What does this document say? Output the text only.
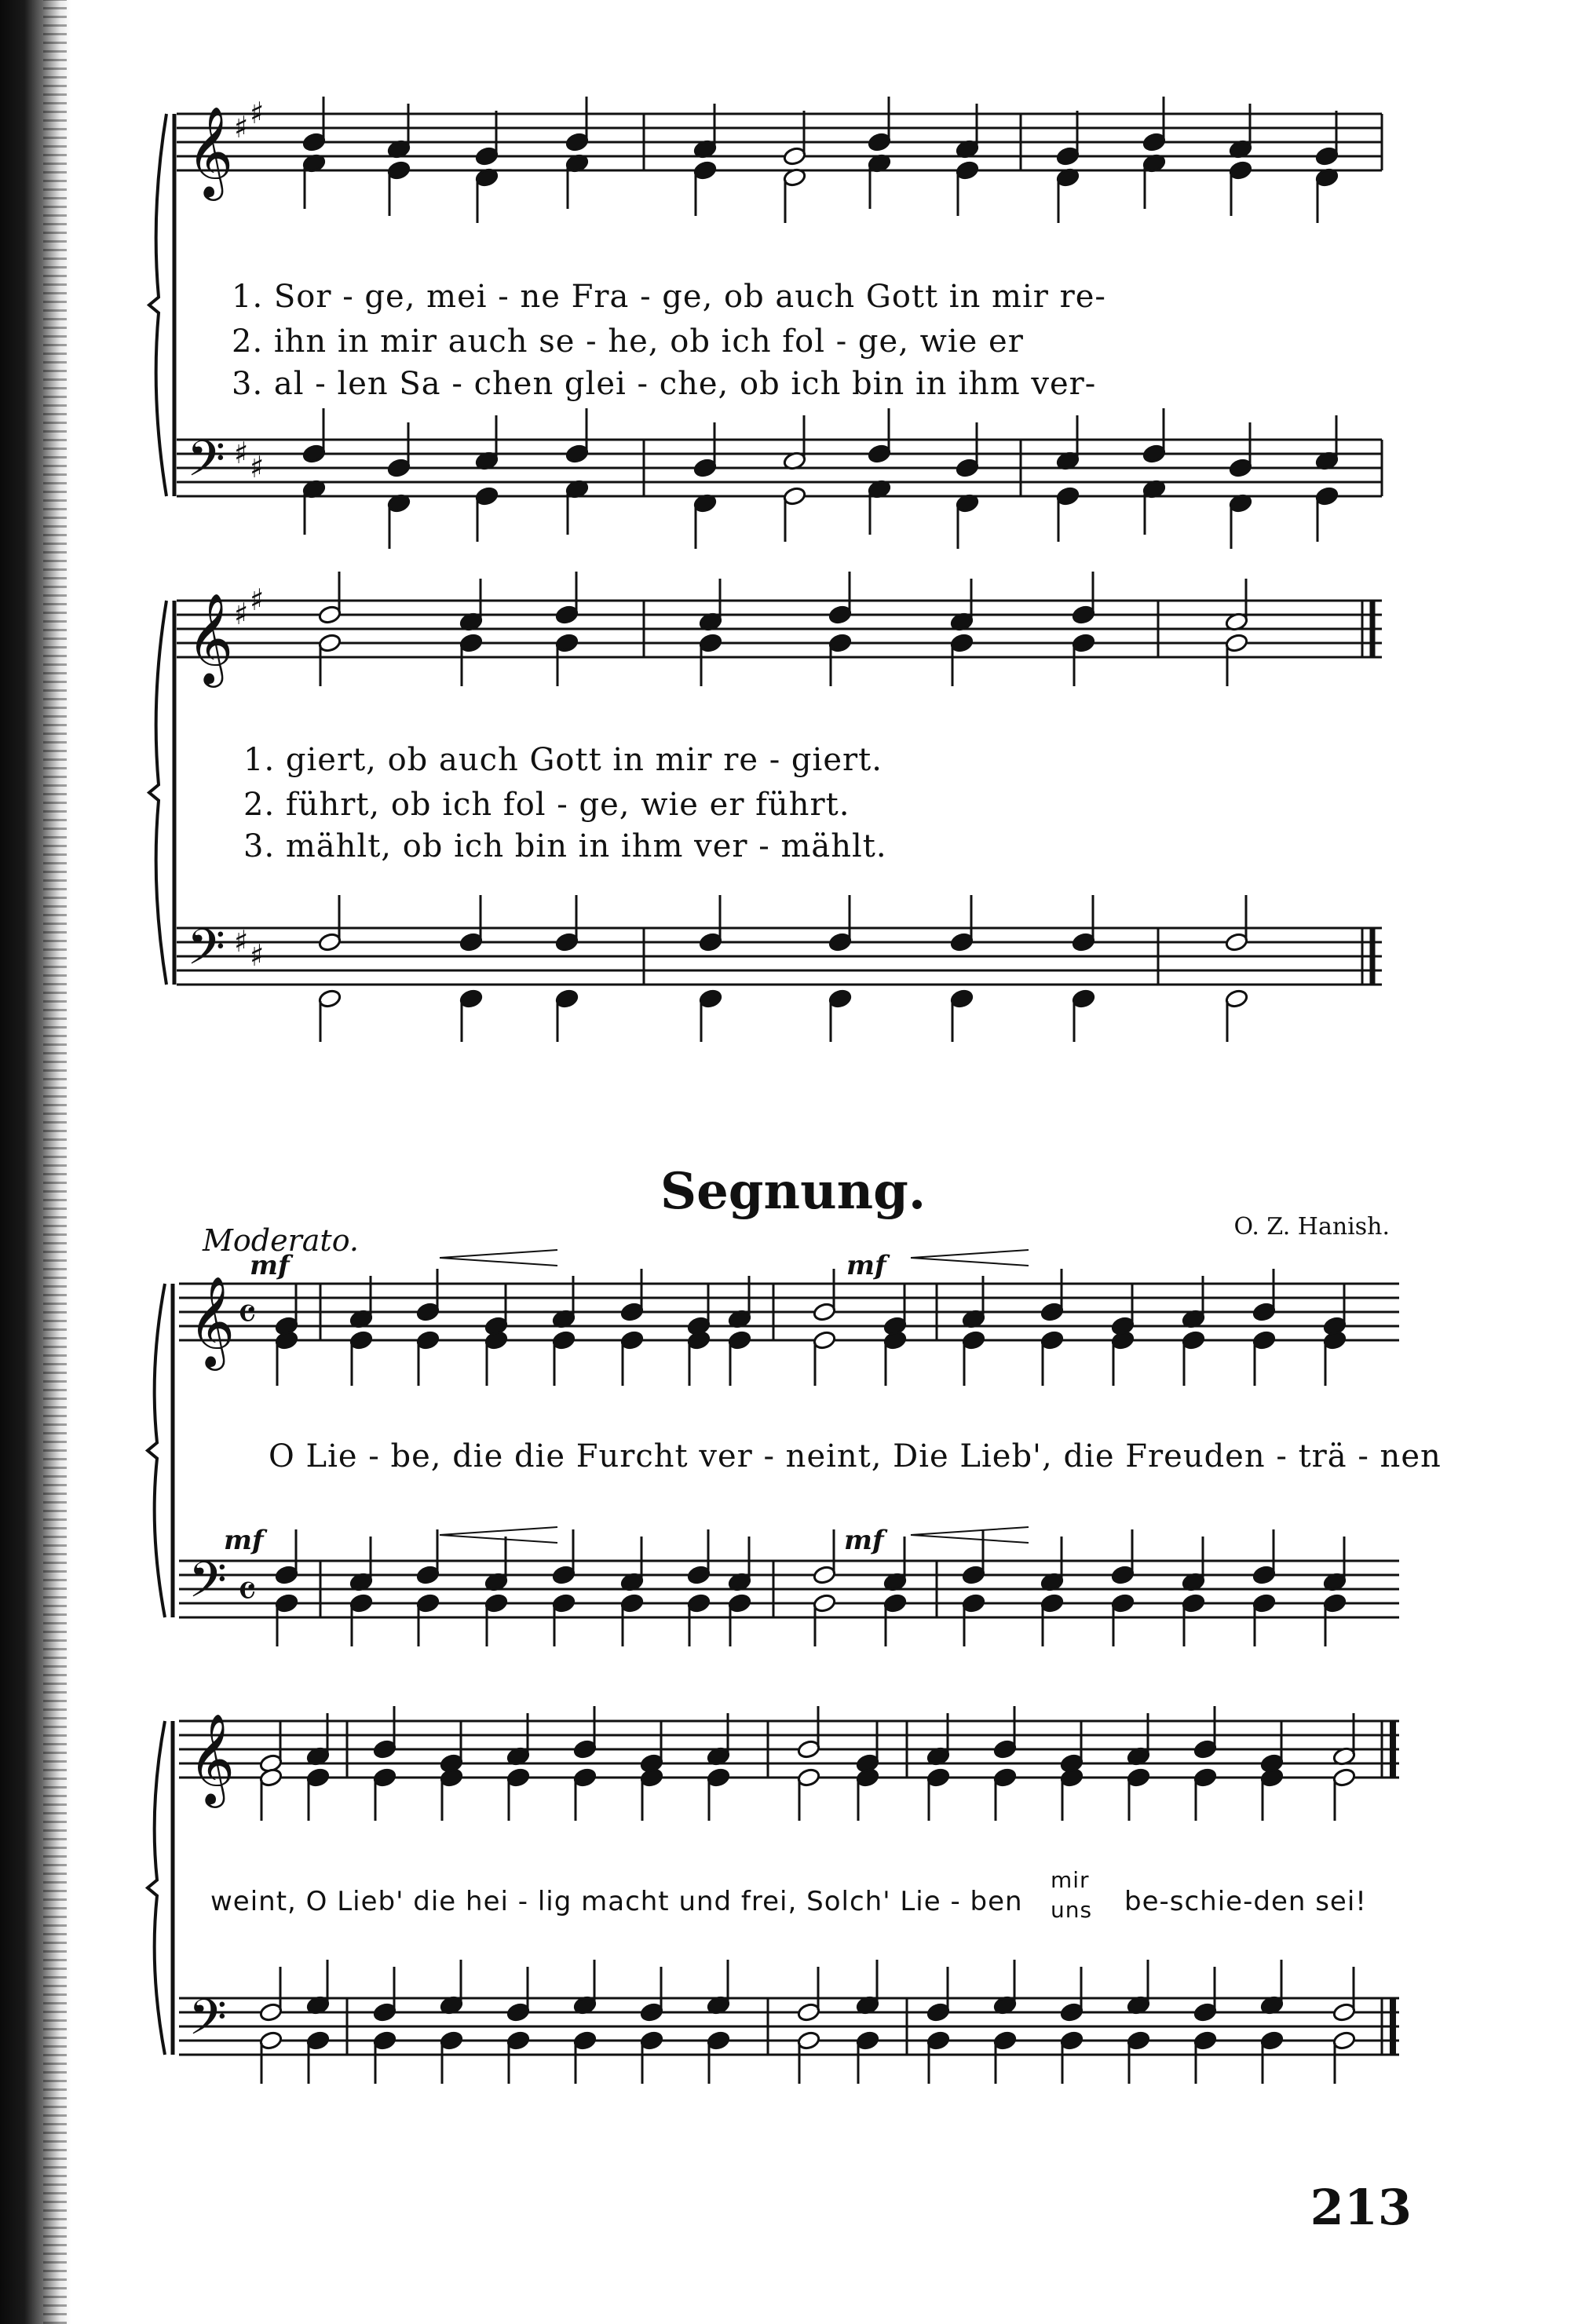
𝄞
𝄢
♯ ♯
♯ ♯
𝄞
𝄢
♯ ♯
♯ ♯
𝄞
𝄢
𝄴
𝄴
𝄞
𝄢
1. Sor - ge, mei - ne Fra - ge, ob auch Gott in mir re-
2. ihn in mir auch se - he, ob ich fol - ge, wie er
3. al - len Sa - chen glei - che, ob ich bin in ihm ver-
1. giert, ob auch Gott in mir re - giert.
2. führt, ob ich fol - ge, wie er führt.
3. mählt, ob ich bin in ihm ver - mählt.
Segnung.
Moderato.	O. Z. Hanish.
mf	mf
mf	mf
O Lie - be, die die Furcht ver - neint, Die Lieb', die Freuden - trä - nen
weint, O Lieb' die hei - lig macht und frei, Solch' Lie - ben
mir
uns be-schie-den sei!
213
